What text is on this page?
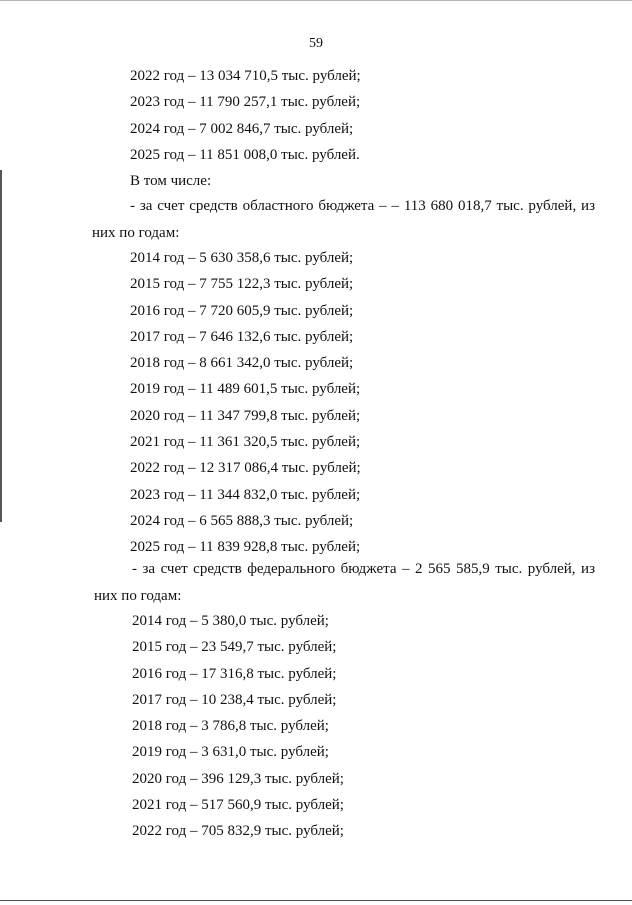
59
2022 год – 13 034 710,5 тыс. рублей;
2023 год – 11 790 257,1 тыс. рублей;
2024 год – 7 002 846,7 тыс. рублей;
2025 год – 11 851 008,0 тыс. рублей.
В том числе:
- за счет средств областного бюджета – – 113 680 018,7 тыс. рублей, из
них по годам:
2014 год – 5 630 358,6 тыс. рублей;
2015 год – 7 755 122,3 тыс. рублей;
2016 год – 7 720 605,9 тыс. рублей;
2017 год – 7 646 132,6 тыс. рублей;
2018 год – 8 661 342,0 тыс. рублей;
2019 год – 11 489 601,5 тыс. рублей;
2020 год – 11 347 799,8 тыс. рублей;
2021 год – 11 361 320,5 тыс. рублей;
2022 год – 12 317 086,4 тыс. рублей;
2023 год – 11 344 832,0 тыс. рублей;
2024 год – 6 565 888,3 тыс. рублей;
2025 год – 11 839 928,8 тыс. рублей;
- за счет средств федерального бюджета – 2 565 585,9 тыс. рублей, из
них по годам:
2014 год – 5 380,0 тыс. рублей;
2015 год – 23 549,7 тыс. рублей;
2016 год – 17 316,8 тыс. рублей;
2017 год – 10 238,4 тыс. рублей;
2018 год – 3 786,8 тыс. рублей;
2019 год – 3 631,0 тыс. рублей;
2020 год – 396 129,3 тыс. рублей;
2021 год – 517 560,9 тыс. рублей;
2022 год – 705 832,9 тыс. рублей;
